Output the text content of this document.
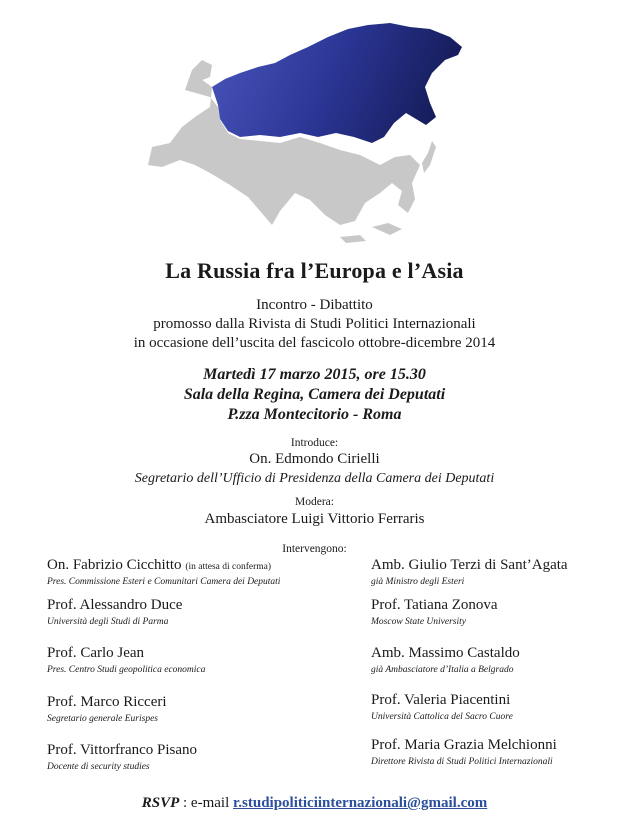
La Russia fra l’Europa e l’Asia
Incontro - Dibattito
promosso dalla Rivista di Studi Politici Internazionali
in occasione dell’uscita del fascicolo ottobre-dicembre 2014
Martedì 17 marzo 2015, ore 15.30
Sala della Regina, Camera dei Deputati
P.zza Montecitorio - Roma
Introduce:
On. Edmondo Cirielli
Segretario dell’Ufficio di Presidenza della Camera dei Deputati
Modera:
Ambasciatore Luigi Vittorio Ferraris
Intervengono:
On. Fabrizio Cicchitto (in attesa di conferma)
Pres. Commissione Esteri e Comunitari Camera dei Deputati
Prof. Alessandro Duce
Università degli Studi di Parma
Prof. Carlo Jean
Pres. Centro Studi geopolitica economica
Prof. Marco Ricceri
Segretario generale Eurispes
Prof. Vittorfranco Pisano
Docente di security studies
Amb. Giulio Terzi di Sant’Agata
già Ministro degli Esteri
Prof. Tatiana Zonova
Moscow State University
Amb. Massimo Castaldo
già Ambasciatore d’Italia a Belgrado
Prof. Valeria Piacentini
Università Cattolica del Sacro Cuore
Prof. Maria Grazia Melchionni
Direttore Rivista di Studi Politici Internazionali
RSVP : e-mail r.studipoliticiinternazionali@gmail.com
